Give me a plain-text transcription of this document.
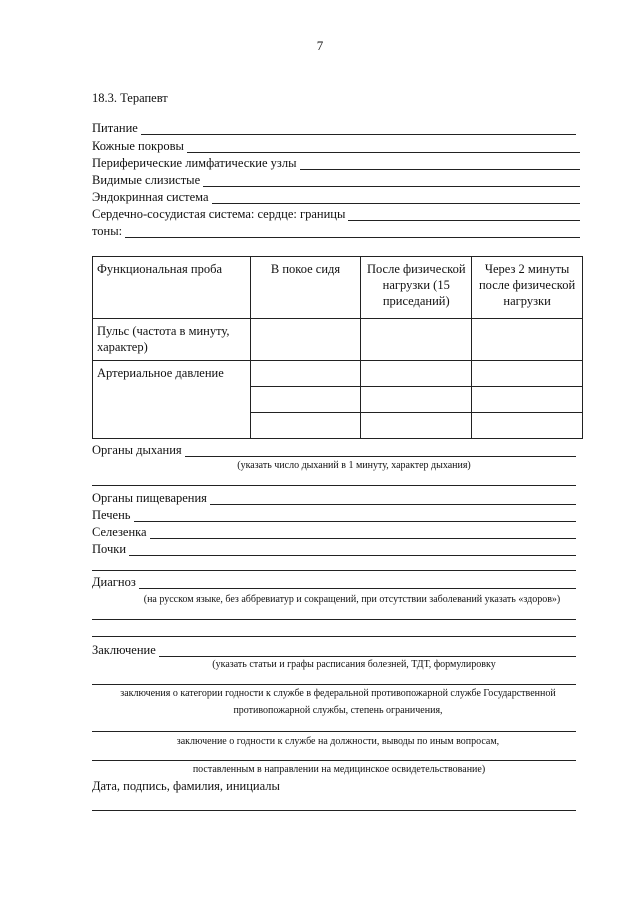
7
18.3. Терапевт
Питание
Кожные покровы
Периферические лимфатические узлы
Видимые слизистые
Эндокринная система
Сердечно-сосудистая система: сердце: границы
тоны:
Функциональная проба	В покое сидя	После физической нагрузки (15 приседаний)	Через 2 минуты после физической нагрузки
Пульс (частота в минуту, характер)			
Артериальное давление			

Органы дыхания
(указать число дыханий в 1 минуту, характер дыхания)
Органы пищеварения
Печень
Селезенка
Почки
Диагноз
(на русском языке, без аббревиатур и сокращений, при отсутствии заболеваний указать «здоров»)
Заключение
(указать статьи и графы расписания болезней, ТДТ, формулировку
заключения о категории годности к службе в федеральной противопожарной службе Государственной
противопожарной службы, степень ограничения,
заключение о годности к службе на должности, выводы по иным вопросам,
поставленным в направлении на медицинское освидетельствование)
Дата, подпись, фамилия, инициалы
